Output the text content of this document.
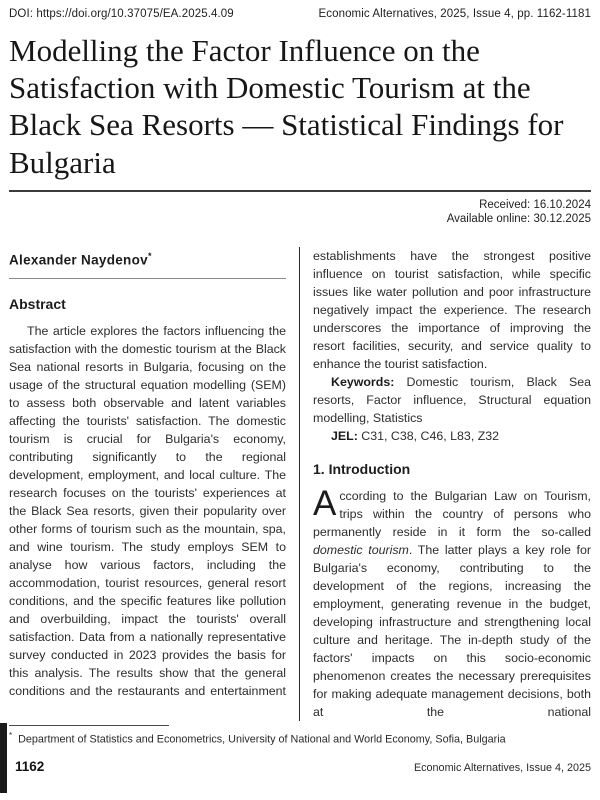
DOI: https://doi.org/10.37075/EA.2025.4.09	Economic Alternatives, 2025, Issue 4, pp. 1162-1181
Modelling the Factor Influence on the Satisfaction with Domestic Tourism at the Black Sea Resorts — Statistical Findings for Bulgaria
Received: 16.10.2024
Available online: 30.12.2025
Alexander Naydenov*
Abstract

The article explores the factors influencing the satisfaction with the domestic tourism at the Black Sea national resorts in Bulgaria, focusing on the usage of the structural equation modelling (SEM) to assess both observable and latent variables affecting the tourists' satisfaction. The domestic tourism is crucial for Bulgaria's economy, contributing significantly to the regional development, employment, and local culture. The research focuses on the tourists' experiences at the Black Sea resorts, given their popularity over other forms of tourism such as the mountain, spa, and wine tourism. The study employs SEM to analyse how various factors, including the accommodation, tourist resources, general resort conditions, and the specific features like pollution and overbuilding, impact the tourists' overall satisfaction. Data from a nationally representative survey conducted in 2023 provides the basis for this analysis. The results show that the general conditions and the restaurants and entertainment

establishments have the strongest positive influence on tourist satisfaction, while specific issues like water pollution and poor infrastructure negatively impact the experience. The research underscores the importance of improving the resort facilities, security, and service quality to enhance the tourist satisfaction.

Keywords: Domestic tourism, Black Sea resorts, Factor influence, Structural equation modelling, Statistics

JEL: C31, C38, C46, L83, Z32

1. Introduction

According to the Bulgarian Law on Tourism, trips within the country of persons who permanently reside in it form the so-called domestic tourism. The latter plays a key role for Bulgaria's economy, contributing to the development of the regions, increasing the employment, generating revenue in the budget, developing infrastructure and strengthening local culture and heritage. The in-depth study of the factors' impacts on this socio-economic phenomenon creates the necessary prerequisites for making adequate management decisions, both at the national

* Department of Statistics and Econometrics, University of National and World Economy, Sofia, Bulgaria
1162	Economic Alternatives, Issue 4, 2025
